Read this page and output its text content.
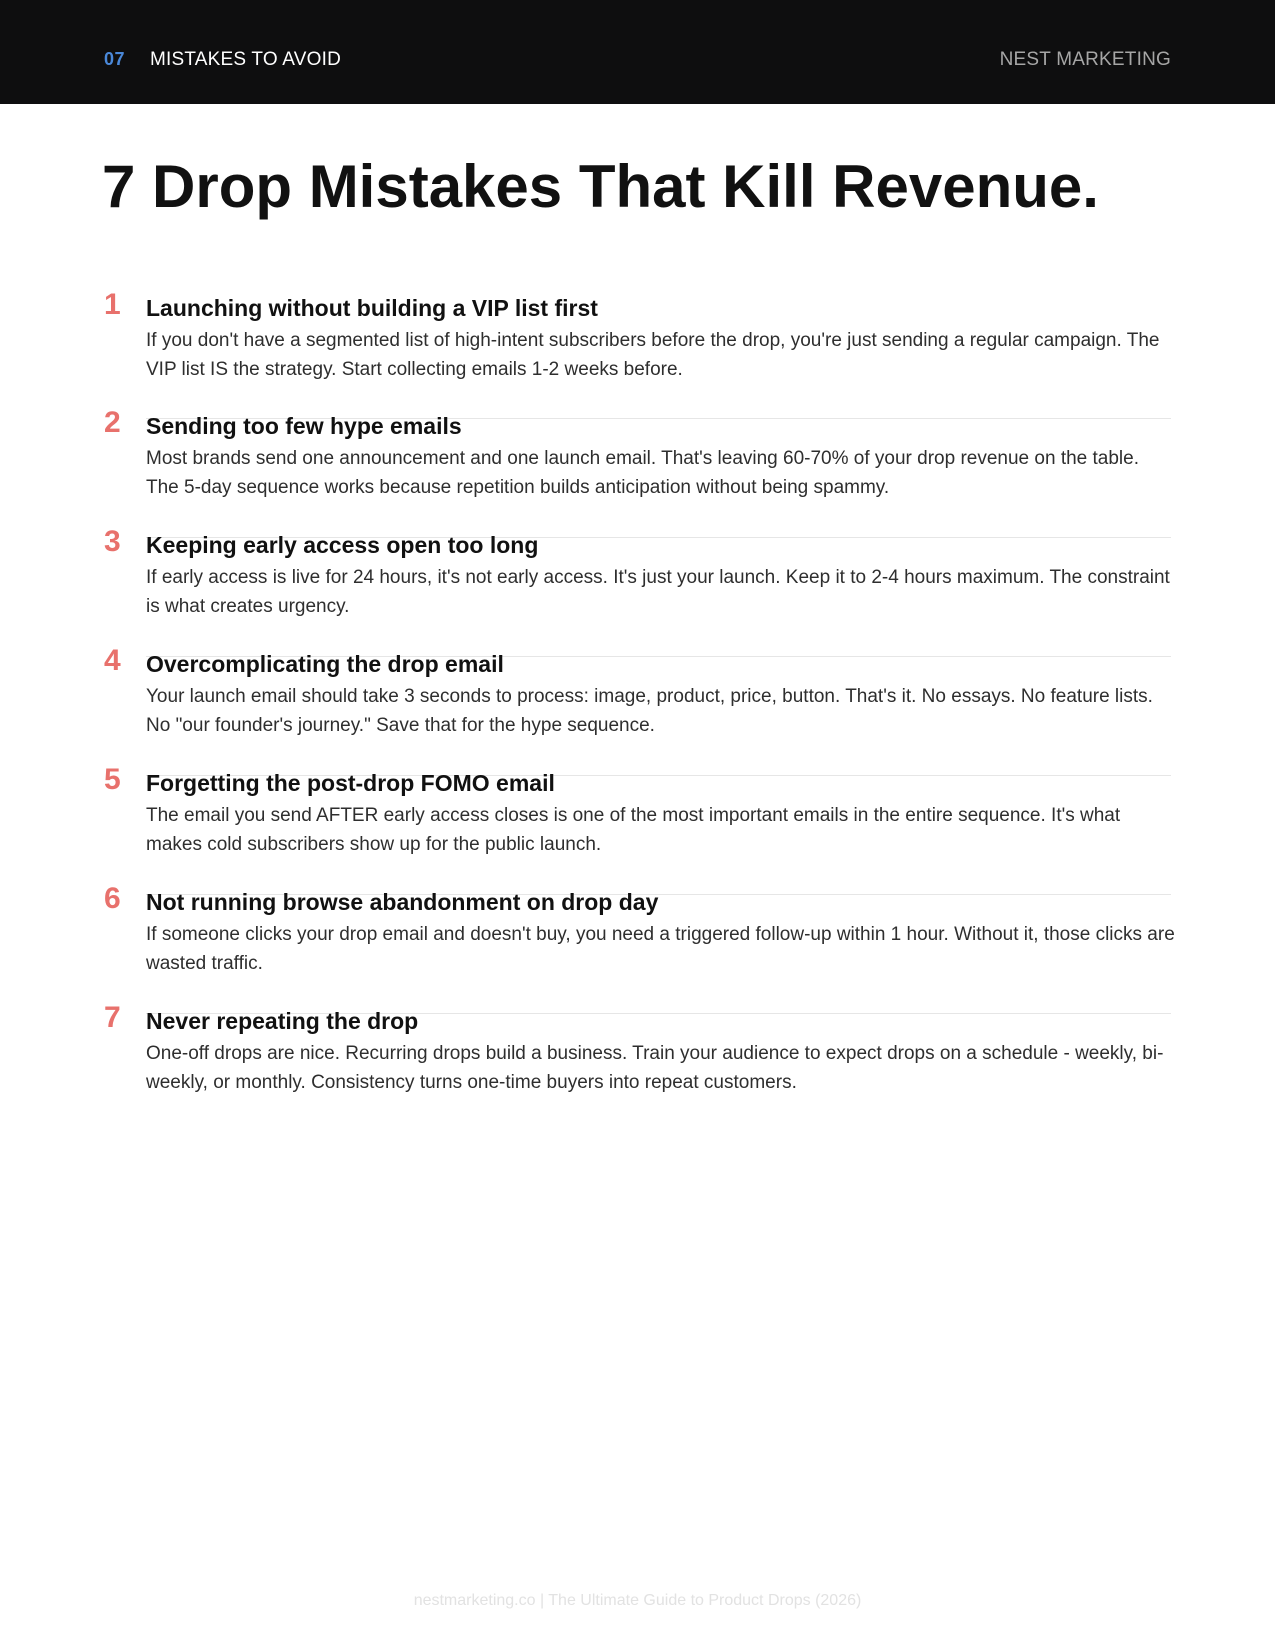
07 MISTAKES TO AVOID	NEST MARKETING
7 Drop Mistakes That Kill Revenue.
1 Launching without building a VIP list first

If you don't have a segmented list of high-intent subscribers before the drop, you're just sending a regular campaign. The VIP list IS the strategy. Start collecting emails 1-2 weeks before.

2 Sending too few hype emails

Most brands send one announcement and one launch email. That's leaving 60-70% of your drop revenue on the table. The 5-day sequence works because repetition builds anticipation without being spammy.

3 Keeping early access open too long

If early access is live for 24 hours, it's not early access. It's just your launch. Keep it to 2-4 hours maximum. The constraint is what creates urgency.

4 Overcomplicating the drop email

Your launch email should take 3 seconds to process: image, product, price, button. That's it. No essays. No feature lists. No "our founder's journey." Save that for the hype sequence.

5 Forgetting the post-drop FOMO email

The email you send AFTER early access closes is one of the most important emails in the entire sequence. It's what makes cold subscribers show up for the public launch.

6 Not running browse abandonment on drop day

If someone clicks your drop email and doesn't buy, you need a triggered follow-up within 1 hour. Without it, those clicks are wasted traffic.

7 Never repeating the drop

One-off drops are nice. Recurring drops build a business. Train your audience to expect drops on a schedule - weekly, bi-weekly, or monthly. Consistency turns one-time buyers into repeat customers.

nestmarketing.co | The Ultimate Guide to Product Drops (2026)
